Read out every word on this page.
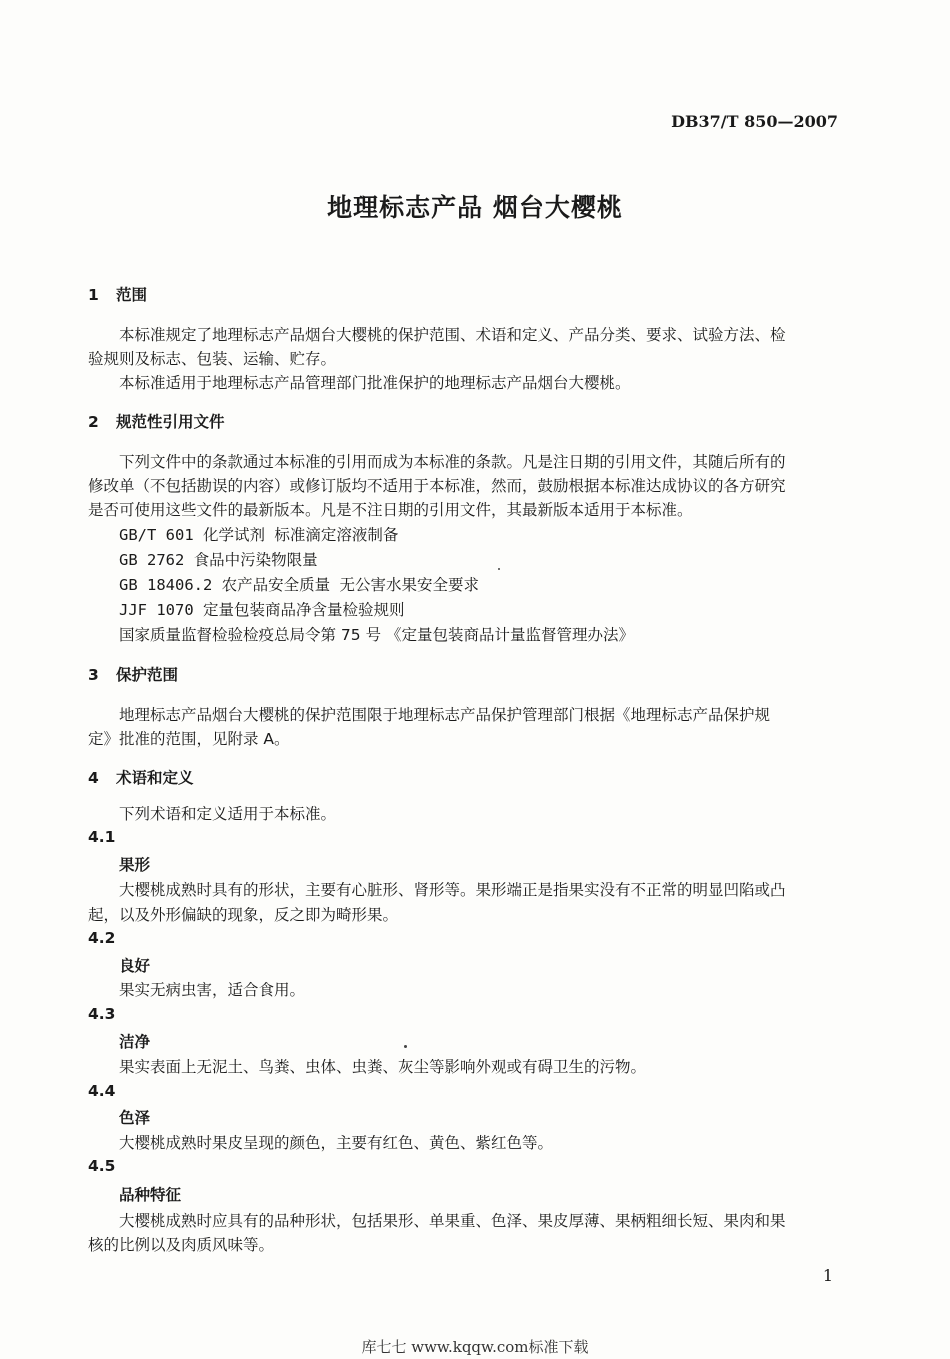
DB37/T 850—2007
地理标志产品 烟台大樱桃
1 范围
本标准规定了地理标志产品烟台大樱桃的保护范围、术语和定义、产品分类、要求、试验方法、检
验规则及标志、包装、运输、贮存。
本标准适用于地理标志产品管理部门批准保护的地理标志产品烟台大樱桃。
2 规范性引用文件
下列文件中的条款通过本标准的引用而成为本标准的条款。凡是注日期的引用文件，其随后所有的
修改单（不包括勘误的内容）或修订版均不适用于本标准，然而，鼓励根据本标准达成协议的各方研究
是否可使用这些文件的最新版本。凡是不注日期的引用文件，其最新版本适用于本标准。
GB/T 601 化学试剂 标准滴定溶液制备
GB 2762 食品中污染物限量
GB 18406.2 农产品安全质量 无公害水果安全要求
JJF 1070 定量包装商品净含量检验规则
国家质量监督检验检疫总局令第 75 号 《定量包装商品计量监督管理办法》
3 保护范围
地理标志产品烟台大樱桃的保护范围限于地理标志产品保护管理部门根据《地理标志产品保护规
定》批准的范围，见附录 A。
4 术语和定义
下列术语和定义适用于本标准。
4.1
果形
大樱桃成熟时具有的形状，主要有心脏形、肾形等。果形端正是指果实没有不正常的明显凹陷或凸
起，以及外形偏缺的现象，反之即为畸形果。
4.2
良好
果实无病虫害，适合食用。
4.3
洁净
果实表面上无泥土、鸟粪、虫体、虫粪、灰尘等影响外观或有碍卫生的污物。
4.4
色泽
大樱桃成熟时果皮呈现的颜色，主要有红色、黄色、紫红色等。
4.5
品种特征
大樱桃成熟时应具有的品种形状，包括果形、单果重、色泽、果皮厚薄、果柄粗细长短、果肉和果
核的比例以及肉质风味等。
1
库七七 www.kqqw.com标准下载
